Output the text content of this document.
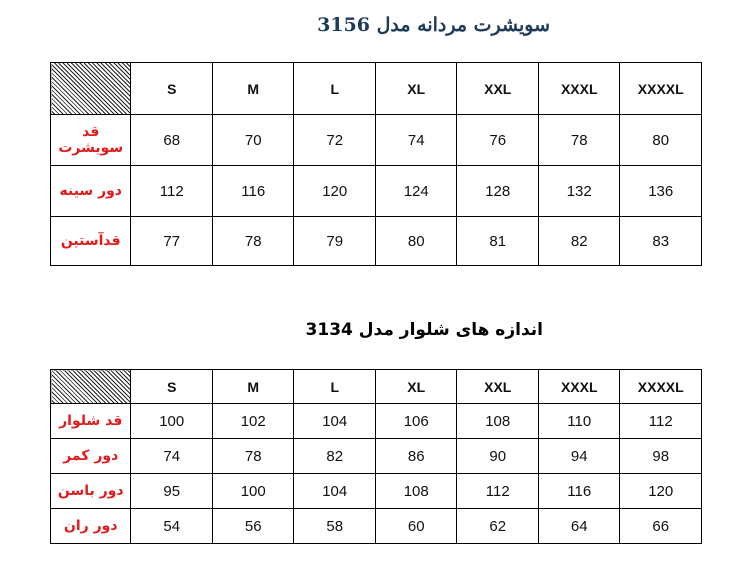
سویشرت مردانه مدل 3156
	S	M	L	XL	XXL	XXXL	XXXXL
قد سویشرت	68	70	72	74	76	78	80
دور سینه	112	116	120	124	128	132	136
قدآستین	77	78	79	80	81	82	83
اندازه های شلوار مدل 3134
	S	M	L	XL	XXL	XXXL	XXXXL
قد شلوار	100	102	104	106	108	110	112
دور کمر	74	78	82	86	90	94	98
دور باسن	95	100	104	108	112	116	120
دور ران	54	56	58	60	62	64	66
